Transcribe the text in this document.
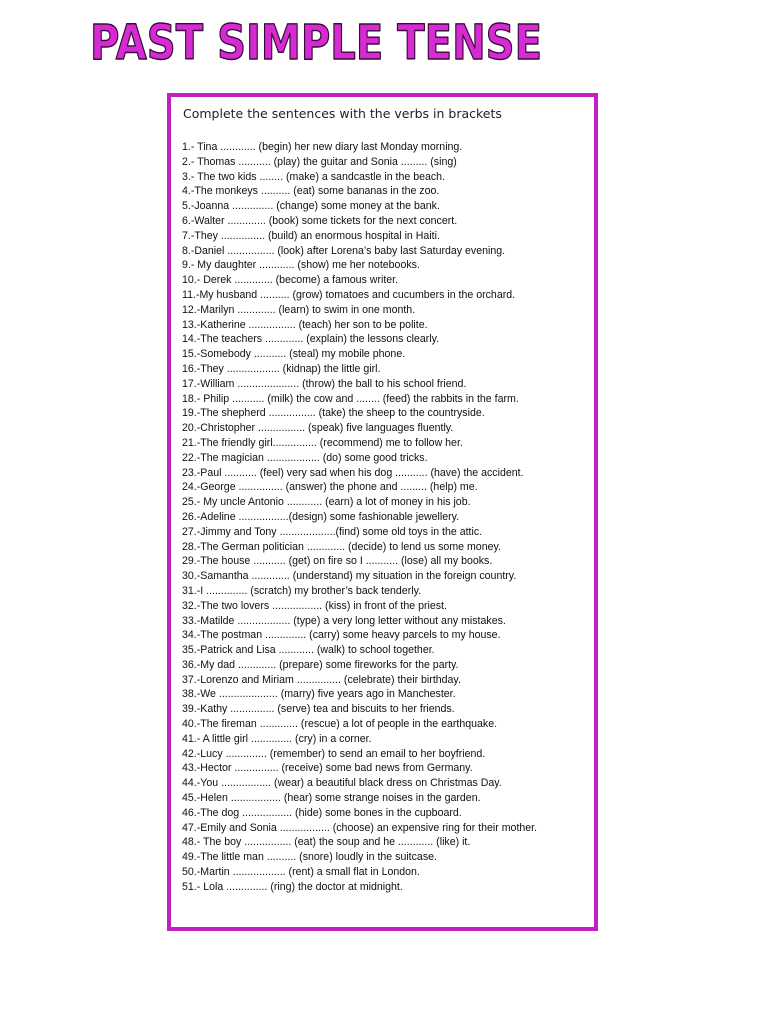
PAST SIMPLE TENSE
Complete the sentences with the verbs in brackets
1.- Tina ............ (begin) her new diary last Monday morning.
2.- Thomas ........... (play) the guitar and Sonia ......... (sing)
3.- The two kids ........ (make) a sandcastle in the beach.
4.-The monkeys .......... (eat) some bananas in the zoo.
5.-Joanna .............. (change) some money at the bank.
6.-Walter ............. (book) some tickets for the next concert.
7.-They ............... (build) an enormous hospital in Haiti.
8.-Daniel ................ (look) after Lorena’s baby last Saturday evening.
9.- My daughter ............ (show) me her notebooks.
10.- Derek ............. (become) a famous writer.
11.-My husband .......... (grow) tomatoes and cucumbers in the orchard.
12.-Marilyn ............. (learn) to swim in one month.
13.-Katherine ................ (teach) her son to be polite.
14.-The teachers ............. (explain) the lessons clearly.
15.-Somebody ........... (steal) my mobile phone.
16.-They .................. (kidnap) the little girl.
17.-William ..................... (throw) the ball to his school friend.
18.- Philip ........... (milk) the cow and ........ (feed) the rabbits in the farm.
19.-The shepherd ................ (take) the sheep to the countryside.
20.-Christopher ................ (speak) five languages fluently.
21.-The friendly girl............... (recommend) me to follow her.
22.-The magician .................. (do) some good tricks.
23.-Paul ........... (feel) very sad when his dog ........... (have) the accident.
24.-George ............... (answer) the phone and ......... (help) me.
25.- My uncle Antonio ............ (earn) a lot of money in his job.
26.-Adeline .................(design) some fashionable jewellery.
27.-Jimmy and Tony ...................(find) some old toys in the attic.
28.-The German politician ............. (decide) to lend us some money.
29.-The house ........... (get) on fire so I ........... (lose) all my books.
30.-Samantha ............. (understand) my situation in the foreign country.
31.-I .............. (scratch) my brother’s back tenderly.
32.-The two lovers ................. (kiss) in front of the priest.
33.-Matilde .................. (type) a very long letter without any mistakes.
34.-The postman .............. (carry) some heavy parcels to my house.
35.-Patrick and Lisa ............ (walk) to school together.
36.-My dad ............. (prepare) some fireworks for the party.
37.-Lorenzo and Miriam ............... (celebrate) their birthday.
38.-We .................... (marry) five years ago in Manchester.
39.-Kathy ............... (serve) tea and biscuits to her friends.
40.-The fireman ............. (rescue) a lot of people in the earthquake.
41.- A little girl .............. (cry) in a corner.
42.-Lucy .............. (remember) to send an email to her boyfriend.
43.-Hector ............... (receive) some bad news from Germany.
44.-You ................. (wear) a beautiful black dress on Christmas Day.
45.-Helen ................. (hear) some strange noises in the garden.
46.-The dog ................. (hide) some bones in the cupboard.
47.-Emily and Sonia ................. (choose) an expensive ring for their mother.
48.- The boy ................ (eat) the soup and he ............ (like) it.
49.-The little man .......... (snore) loudly in the suitcase.
50.-Martin .................. (rent) a small flat in London.
51.- Lola .............. (ring) the doctor at midnight.
